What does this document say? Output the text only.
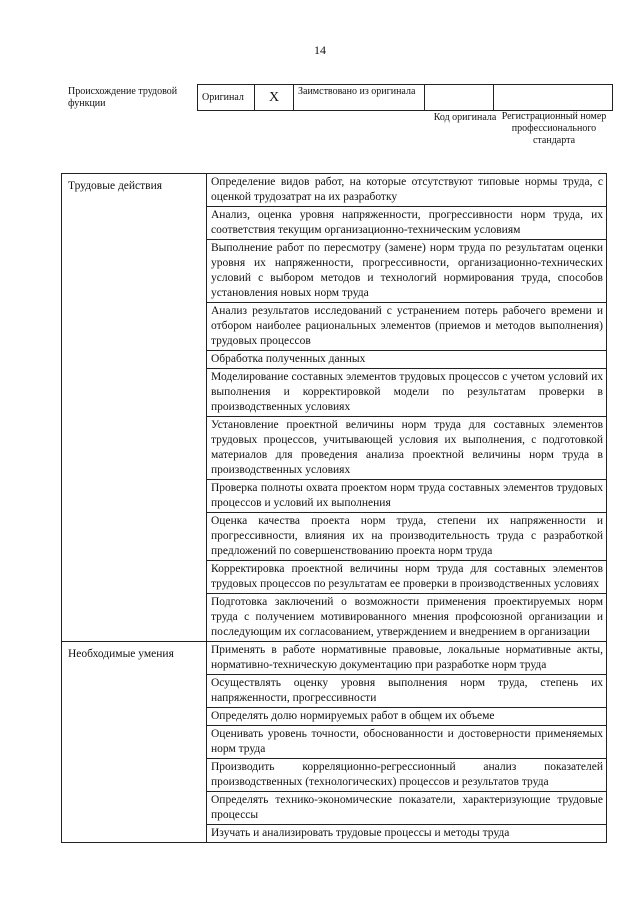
14
Происхождение трудовой функции
Оригинал	X	Заимствовано из оригинала		
Код оригинала Регистрационный номер профессионального стандарта
Трудовые действия	Определение видов работ, на которые отсутствуют типовые нормы труда, с оценкой трудозатрат на их разработку
	Анализ, оценка уровня напряженности, прогрессивности норм труда, их соответствия текущим организационно-техническим условиям
	Выполнение работ по пересмотру (замене) норм труда по результатам оценки уровня их напряженности, прогрессивности, организационно-технических условий с выбором методов и технологий нормирования труда, способов установления новых норм труда
	Анализ результатов исследований с устранением потерь рабочего времени и отбором наиболее рациональных элементов (приемов и методов выполнения) трудовых процессов
	Обработка полученных данных
	Моделирование составных элементов трудовых процессов с учетом условий их выполнения и корректировкой модели по результатам проверки в производственных условиях
	Установление проектной величины норм труда для составных элементов трудовых процессов, учитывающей условия их выполнения, с подготовкой материалов для проведения анализа проектной величины норм труда в производственных условиях
	Проверка полноты охвата проектом норм труда составных элементов трудовых процессов и условий их выполнения
	Оценка качества проекта норм труда, степени их напряженности и прогрессивности, влияния их на производительность труда с разработкой предложений по совершенствованию проекта норм труда
	Корректировка проектной величины норм труда для составных элементов трудовых процессов по результатам ее проверки в производственных условиях
	Подготовка заключений о возможности применения проектируемых норм труда с получением мотивированного мнения профсоюзной организации и последующим их согласованием, утверждением и внедрением в организации
Необходимые умения	Применять в работе нормативные правовые, локальные нормативные акты, нормативно-техническую документацию при разработке норм труда
	Осуществлять оценку уровня выполнения норм труда, степень их напряженности, прогрессивности
	Определять долю нормируемых работ в общем их объеме
	Оценивать уровень точности, обоснованности и достоверности применяемых норм труда
	Производить корреляционно-регрессионный анализ показателей производственных (технологических) процессов и результатов труда
	Определять технико-экономические показатели, характеризующие трудовые процессы
	Изучать и анализировать трудовые процессы и методы труда
